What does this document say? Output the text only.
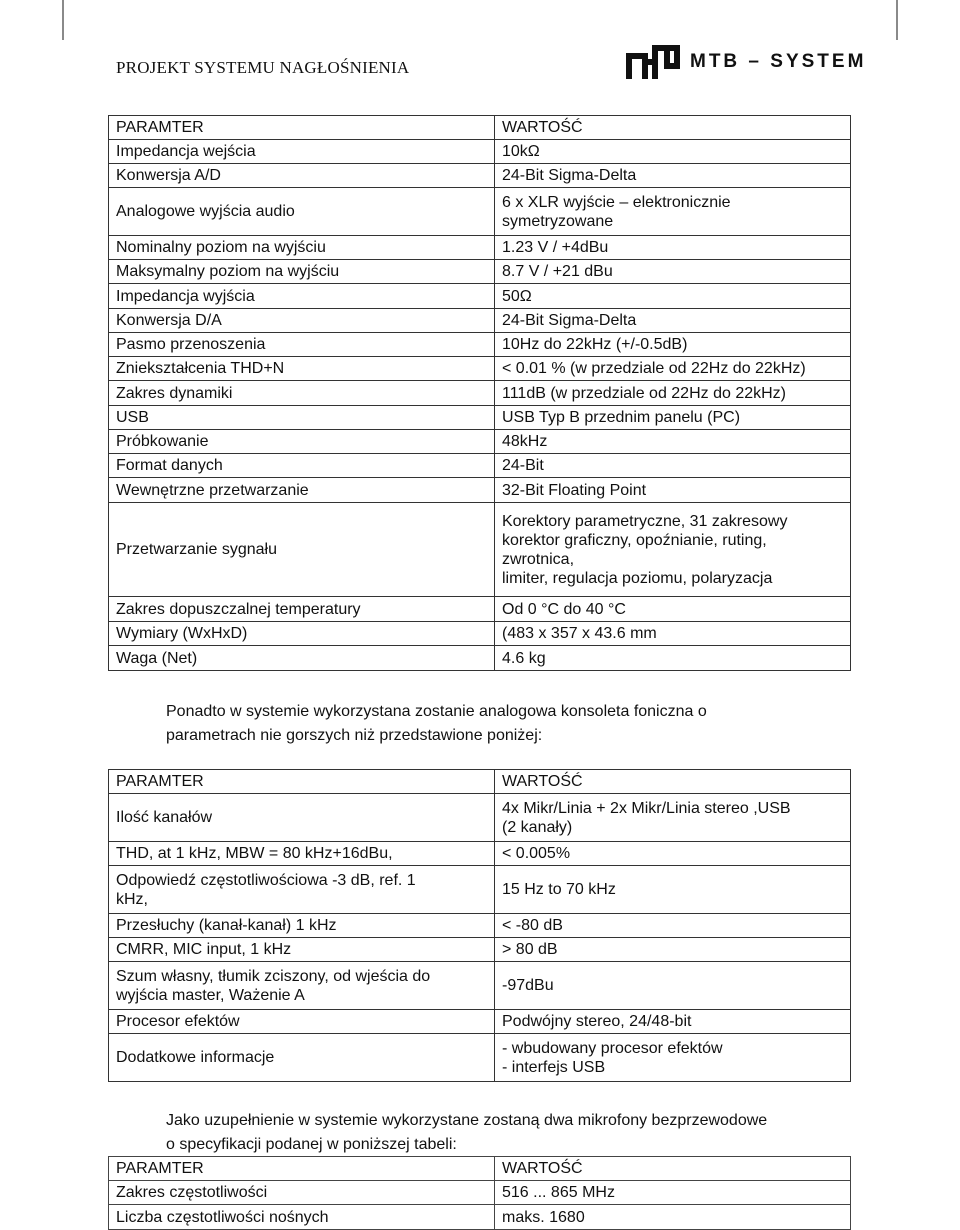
PROJEKT SYSTEMU NAGŁOŚNIENIA	MTB – SYSTEM
PARAMTER	WARTOŚĆ
Impedancja wejścia	10kΩ
Konwersja A/D	24-Bit Sigma-Delta
Analogowe wyjścia audio	6 x XLR wyjście – elektronicznie
symetryzowane
Nominalny poziom na wyjściu	1.23 V / +4dBu
Maksymalny poziom na wyjściu	8.7 V / +21 dBu
Impedancja wyjścia	50Ω
Konwersja D/A	24-Bit Sigma-Delta
Pasmo przenoszenia	10Hz do 22kHz (+/-0.5dB)
Zniekształcenia THD+N	< 0.01 % (w przedziale od 22Hz do 22kHz)
Zakres dynamiki	111dB (w przedziale od 22Hz do 22kHz)
USB	USB Typ B przednim panelu (PC)
Próbkowanie	48kHz
Format danych	24-Bit
Wewnętrzne przetwarzanie	32-Bit Floating Point
Przetwarzanie sygnału	Korektory parametryczne, 31 zakresowy
korektor graficzny, opoźnianie, ruting,
zwrotnica,
limiter, regulacja poziomu, polaryzacja
Zakres dopuszczalnej temperatury	Od 0 °C do 40 °C
Wymiary (WxHxD)	(483 x 357 x 43.6 mm
Waga (Net)	4.6 kg
Ponadto w systemie wykorzystana zostanie analogowa konsoleta foniczna o
parametrach nie gorszych niż przedstawione poniżej:
PARAMTER	WARTOŚĆ
Ilość kanałów	4x Mikr/Linia + 2x Mikr/Linia stereo ,USB
(2 kanały)
THD, at 1 kHz, MBW = 80 kHz+16dBu,	< 0.005%
Odpowiedź częstotliwościowa -3 dB, ref. 1
kHz,	15 Hz to 70 kHz
Przesłuchy (kanał-kanał) 1 kHz	< -80 dB
CMRR, MIC input, 1 kHz	> 80 dB
Szum własny, tłumik zciszony, od wjeścia do
wyjścia master, Ważenie A	-97dBu
Procesor efektów	Podwójny stereo, 24/48-bit
Dodatkowe informacje	- wbudowany procesor efektów
- interfejs USB
Jako uzupełnienie w systemie wykorzystane zostaną dwa mikrofony bezprzewodowe
o specyfikacji podanej w poniższej tabeli:
PARAMTER	WARTOŚĆ
Zakres częstotliwości	516 ... 865 MHz
Liczba częstotliwości nośnych	maks. 1680
